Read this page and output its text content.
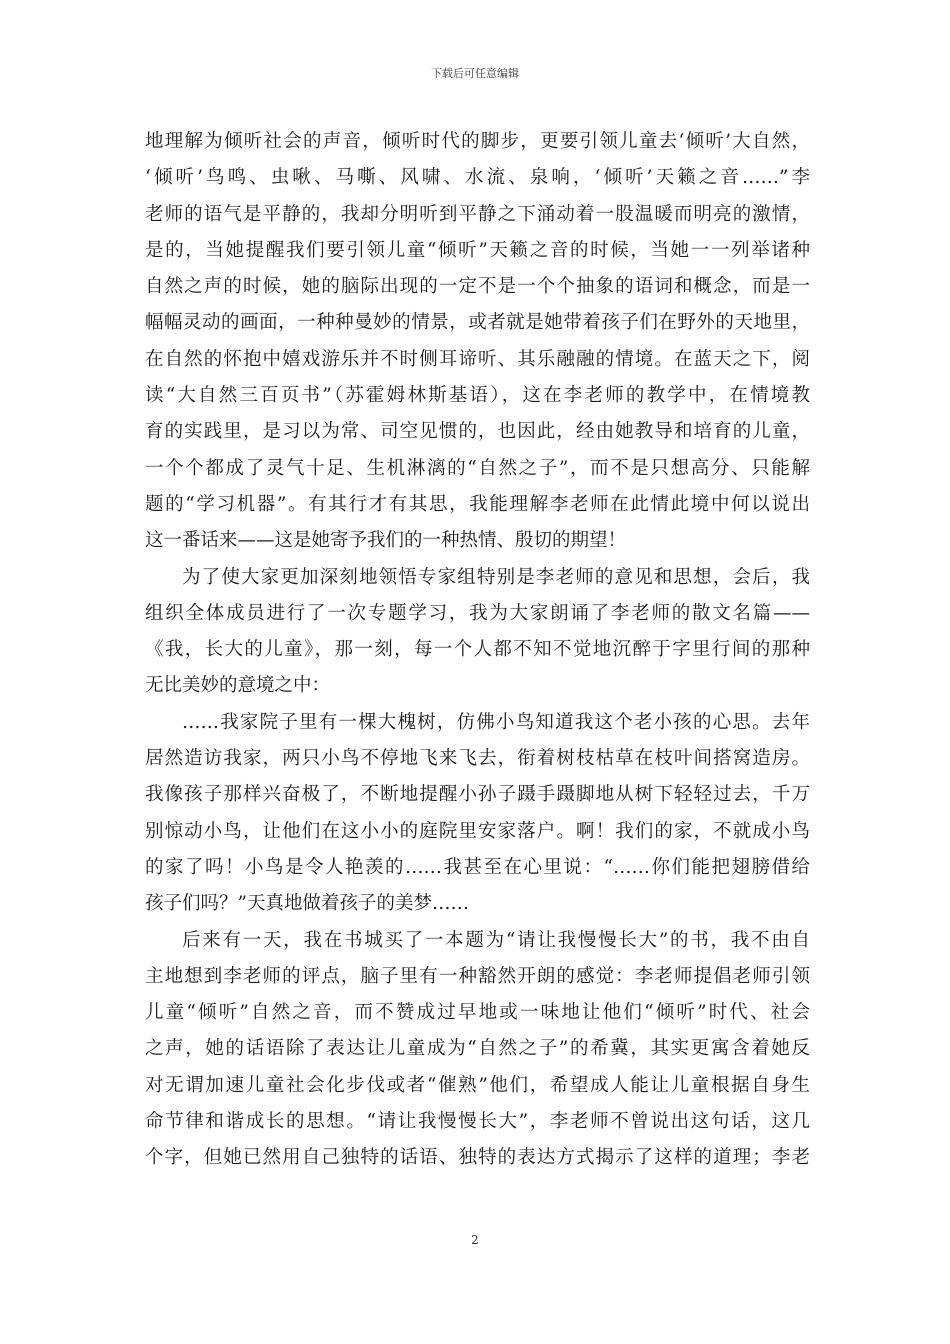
下载后可任意编辑
地理解为倾听社会的声音，倾听时代的脚步，更要引领儿童去‘倾听’大自然，
‘倾听’鸟鸣、虫啾、马嘶、风啸、水流、泉响，‘倾听’天籁之音……”李
老师的语气是平静的，我却分明听到平静之下涌动着一股温暖而明亮的激情，
是的，当她提醒我们要引领儿童“倾听”天籁之音的时候，当她一一列举诸种
自然之声的时候，她的脑际出现的一定不是一个个抽象的语词和概念，而是一
幅幅灵动的画面，一种种曼妙的情景，或者就是她带着孩子们在野外的天地里，
在自然的怀抱中嬉戏游乐并不时侧耳谛听、其乐融融的情境。在蓝天之下，阅
读“大自然三百页书”（苏霍姆林斯基语），这在李老师的教学中，在情境教
育的实践里，是习以为常、司空见惯的，也因此，经由她教导和培育的儿童，
一个个都成了灵气十足、生机淋漓的“自然之子”，而不是只想高分、只能解
题的“学习机器”。有其行才有其思，我能理解李老师在此情此境中何以说出
这一番话来——这是她寄予我们的一种热情、殷切的期望！
为了使大家更加深刻地领悟专家组特别是李老师的意见和思想，会后，我
组织全体成员进行了一次专题学习，我为大家朗诵了李老师的散文名篇——
《我，长大的儿童》，那一刻，每一个人都不知不觉地沉醉于字里行间的那种
无比美妙的意境之中：
……我家院子里有一棵大槐树，仿佛小鸟知道我这个老小孩的心思。去年
居然造访我家，两只小鸟不停地飞来飞去，衔着树枝枯草在枝叶间搭窝造房。
我像孩子那样兴奋极了，不断地提醒小孙子蹑手蹑脚地从树下轻轻过去，千万
别惊动小鸟，让他们在这小小的庭院里安家落户。啊！我们的家，不就成小鸟
的家了吗！小鸟是令人艳羡的……我甚至在心里说：“……你们能把翅膀借给
孩子们吗？”天真地做着孩子的美梦……
后来有一天，我在书城买了一本题为“请让我慢慢长大”的书，我不由自
主地想到李老师的评点，脑子里有一种豁然开朗的感觉：李老师提倡老师引领
儿童“倾听”自然之音，而不赞成过早地或一味地让他们“倾听”时代、社会
之声，她的话语除了表达让儿童成为“自然之子”的希冀，其实更寓含着她反
对无谓加速儿童社会化步伐或者“催熟”他们，希望成人能让儿童根据自身生
命节律和谐成长的思想。“请让我慢慢长大”，李老师不曾说出这句话，这几
个字，但她已然用自己独特的话语、独特的表达方式揭示了这样的道理；李老
2
